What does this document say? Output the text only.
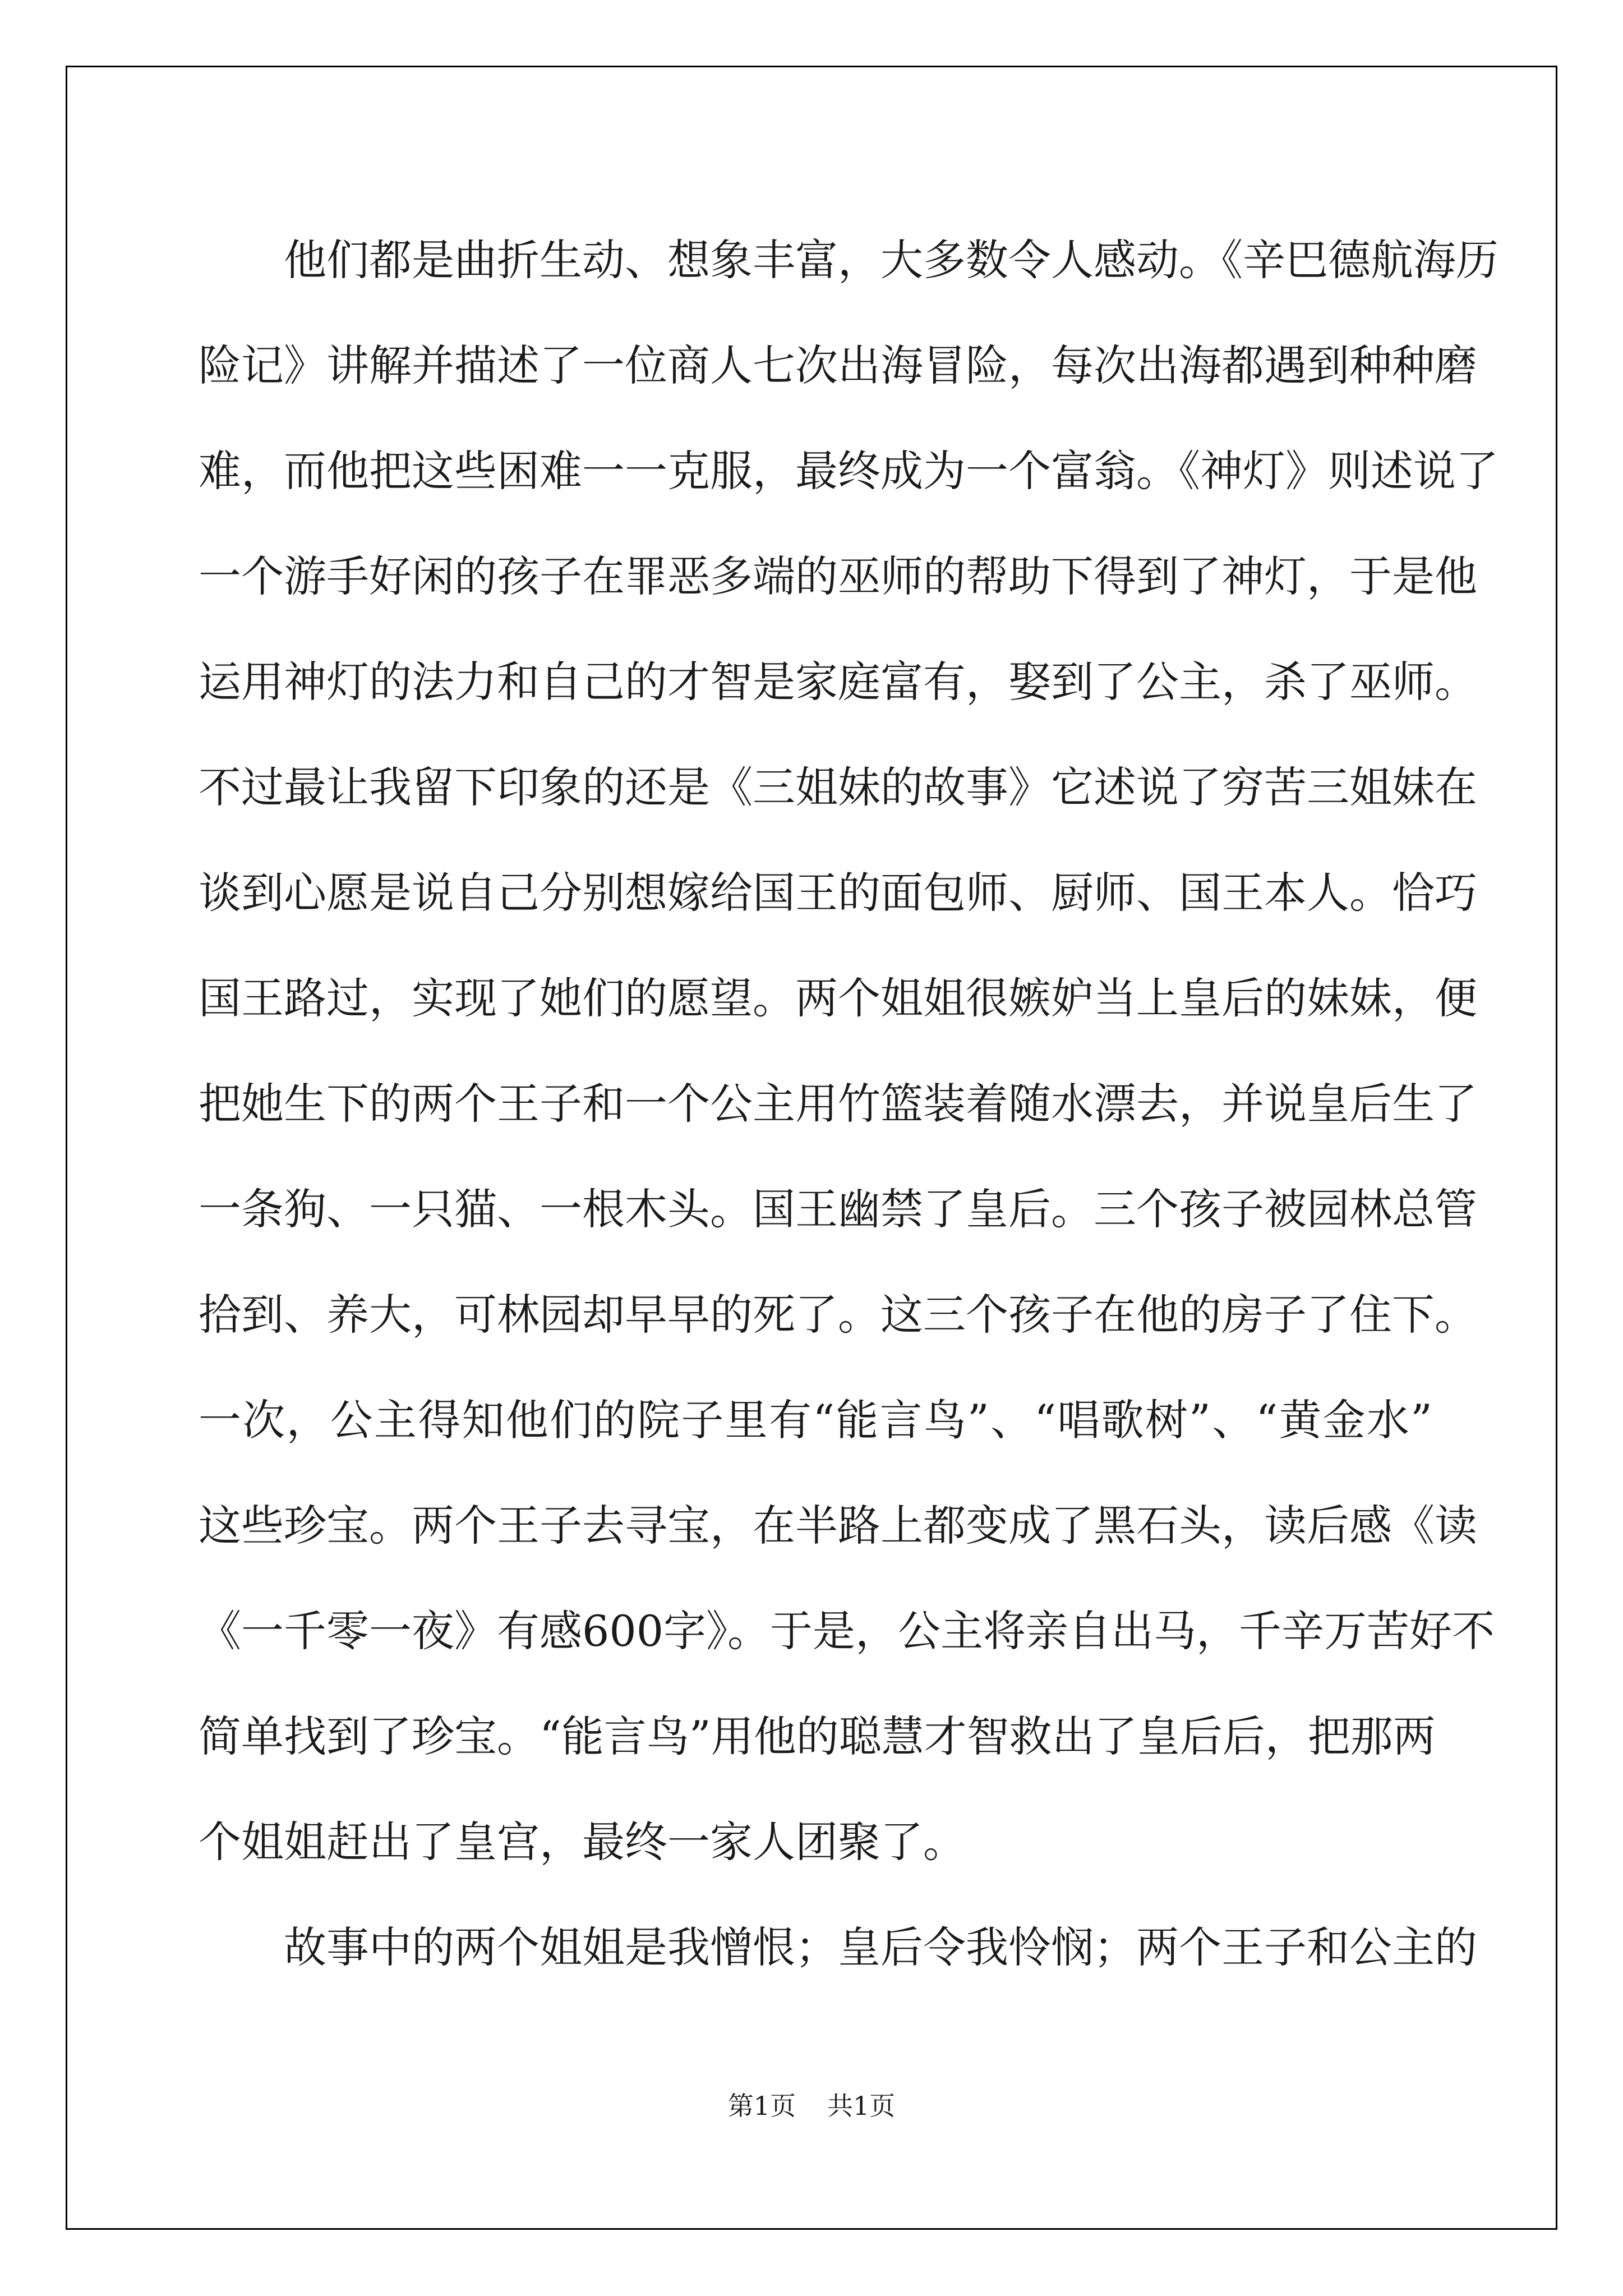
他们都是曲折生动、想象丰富，大多数令人感动。《辛巴德航海历
险记》讲解并描述了一位商人七次出海冒险，每次出海都遇到种种磨
难，而他把这些困难一一克服，最终成为一个富翁。《神灯》则述说了
一个游手好闲的孩子在罪恶多端的巫师的帮助下得到了神灯，于是他
运用神灯的法力和自己的才智是家庭富有，娶到了公主，杀了巫师。
不过最让我留下印象的还是《三姐妹的故事》它述说了穷苦三姐妹在
谈到心愿是说自己分别想嫁给国王的面包师、厨师、国王本人。恰巧
国王路过，实现了她们的愿望。两个姐姐很嫉妒当上皇后的妹妹，便
把她生下的两个王子和一个公主用竹篮装着随水漂去，并说皇后生了
一条狗、一只猫、一根木头。国王幽禁了皇后。三个孩子被园林总管
拾到、养大，可林园却早早的死了。这三个孩子在他的房子了住下。
一次，公主得知他们的院子里有“能言鸟”、“唱歌树”、“黄金水”
这些珍宝。两个王子去寻宝，在半路上都变成了黑石头，读后感《读
《一千零一夜》有感600字》。于是，公主将亲自出马，千辛万苦好不
简单找到了珍宝。“能言鸟”用他的聪慧才智救出了皇后后，把那两
个姐姐赶出了皇宫，最终一家人团聚了。
故事中的两个姐姐是我憎恨；皇后令我怜悯；两个王子和公主的
第1页 共1页
